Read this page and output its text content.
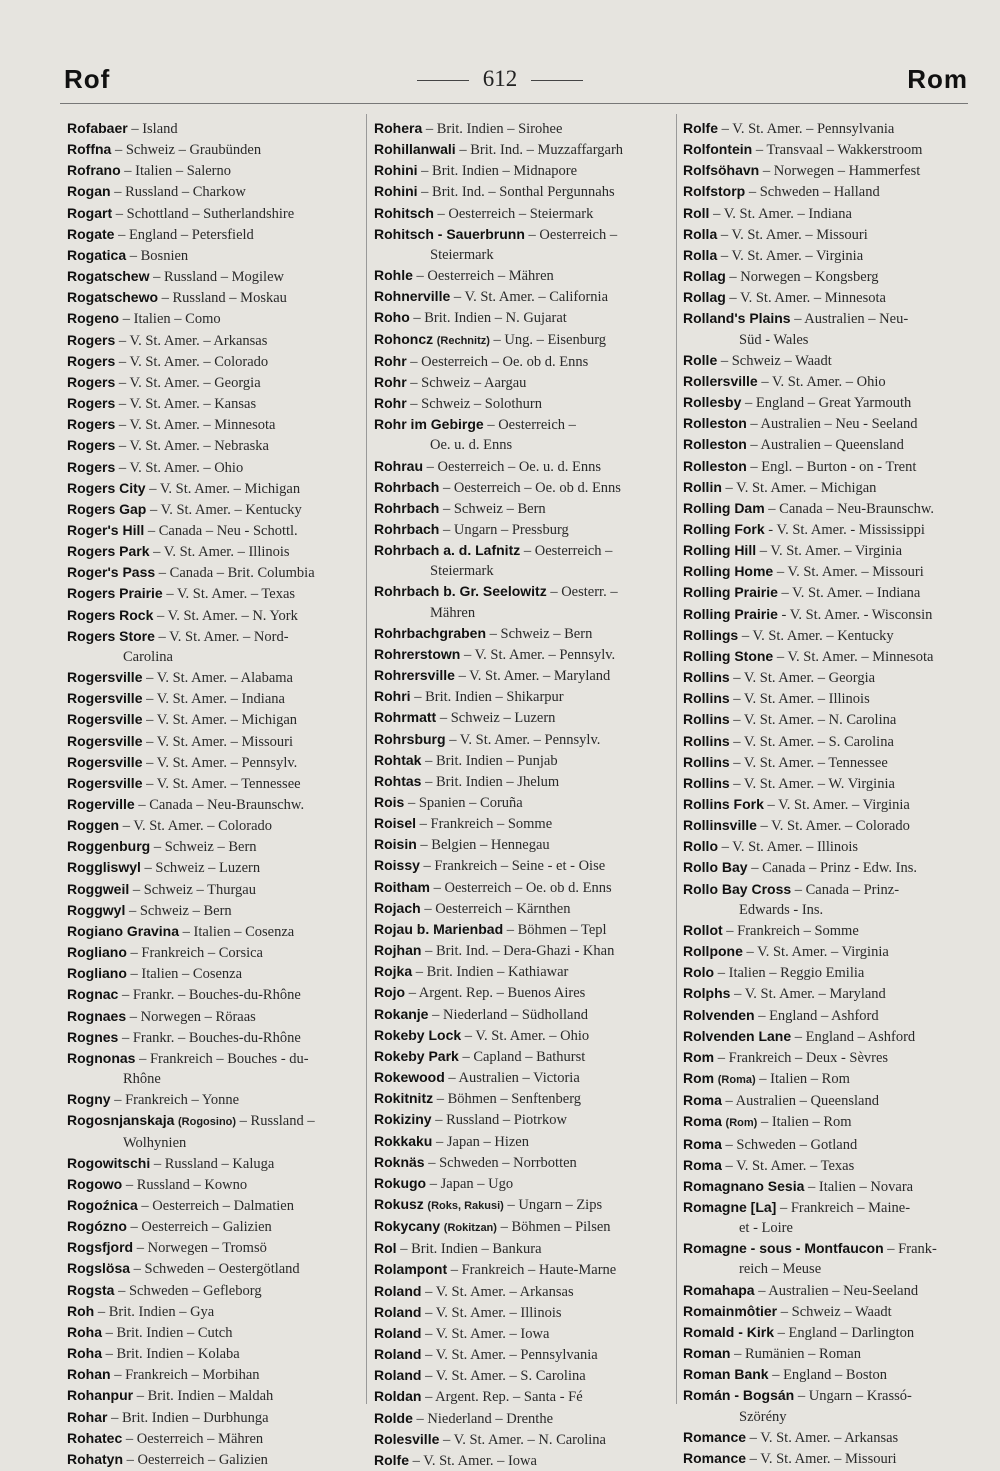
Rof	612	Rom
Rofabaer – Island
Roffna – Schweiz – Graubünden
Rofrano – Italien – Salerno
Rogan – Russland – Charkow
Rogart – Schottland – Sutherlandshire
Rogate – England – Petersfield
Rogatica – Bosnien
Rogatschew – Russland – Mogilew
Rogatschewo – Russland – Moskau
Rogeno – Italien – Como
Rogers – V. St. Amer. – Arkansas
Rogers – V. St. Amer. – Colorado
Rogers – V. St. Amer. – Georgia
Rogers – V. St. Amer. – Kansas
Rogers – V. St. Amer. – Minnesota
Rogers – V. St. Amer. – Nebraska
Rogers – V. St. Amer. – Ohio
Rogers City – V. St. Amer. – Michigan
Rogers Gap – V. St. Amer. – Kentucky
Roger's Hill – Canada – Neu - Schottl.
Rogers Park – V. St. Amer. – Illinois
Roger's Pass – Canada – Brit. Columbia
Rogers Prairie – V. St. Amer. – Texas
Rogers Rock – V. St. Amer. – N. York
Rogers Store – V. St. Amer. – Nord-
Carolina
Rogersville – V. St. Amer. – Alabama
Rogersville – V. St. Amer. – Indiana
Rogersville – V. St. Amer. – Michigan
Rogersville – V. St. Amer. – Missouri
Rogersville – V. St. Amer. – Pennsylv.
Rogersville – V. St. Amer. – Tennessee
Rogerville – Canada – Neu-Braunschw.
Roggen – V. St. Amer. – Colorado
Roggenburg – Schweiz – Bern
Roggliswyl – Schweiz – Luzern
Roggweil – Schweiz – Thurgau
Roggwyl – Schweiz – Bern
Rogiano Gravina – Italien – Cosenza
Rogliano – Frankreich – Corsica
Rogliano – Italien – Cosenza
Rognac – Frankr. – Bouches-du-Rhône
Rognaes – Norwegen – Röraas
Rognes – Frankr. – Bouches-du-Rhône
Rognonas – Frankreich – Bouches - du-
Rhône
Rogny – Frankreich – Yonne
Rogosnjanskaja (Rogosino) – Russland –
Wolhynien
Rogowitschi – Russland – Kaluga
Rogowo – Russland – Kowno
Rogoźnica – Oesterreich – Dalmatien
Rogózno – Oesterreich – Galizien
Rogsfjord – Norwegen – Tromsö
Rogslösa – Schweden – Oestergötland
Rogsta – Schweden – Gefleborg
Roh – Brit. Indien – Gya
Roha – Brit. Indien – Cutch
Roha – Brit. Indien – Kolaba
Rohan – Frankreich – Morbihan
Rohanpur – Brit. Indien – Maldah
Rohar – Brit. Indien – Durbhunga
Rohatec – Oesterreich – Mähren
Rohatyn – Oesterreich – Galizien
Rohera – Brit. Indien – Sirohee
Rohillanwali – Brit. Ind. – Muzzaffargarh
Rohini – Brit. Indien – Midnapore
Rohini – Brit. Ind. – Sonthal Pergunnahs
Rohitsch – Oesterreich – Steiermark
Rohitsch - Sauerbrunn – Oesterreich –
Steiermark
Rohle – Oesterreich – Mähren
Rohnerville – V. St. Amer. – California
Roho – Brit. Indien – N. Gujarat
Rohoncz (Rechnitz) – Ung. – Eisenburg
Rohr – Oesterreich – Oe. ob d. Enns
Rohr – Schweiz – Aargau
Rohr – Schweiz – Solothurn
Rohr im Gebirge – Oesterreich –
Oe. u. d. Enns
Rohrau – Oesterreich – Oe. u. d. Enns
Rohrbach – Oesterreich – Oe. ob d. Enns
Rohrbach – Schweiz – Bern
Rohrbach – Ungarn – Pressburg
Rohrbach a. d. Lafnitz – Oesterreich –
Steiermark
Rohrbach b. Gr. Seelowitz – Oesterr. –
Mähren
Rohrbachgraben – Schweiz – Bern
Rohrerstown – V. St. Amer. – Pennsylv.
Rohrersville – V. St. Amer. – Maryland
Rohri – Brit. Indien – Shikarpur
Rohrmatt – Schweiz – Luzern
Rohrsburg – V. St. Amer. – Pennsylv.
Rohtak – Brit. Indien – Punjab
Rohtas – Brit. Indien – Jhelum
Rois – Spanien – Coruña
Roisel – Frankreich – Somme
Roisin – Belgien – Hennegau
Roissy – Frankreich – Seine - et - Oise
Roitham – Oesterreich – Oe. ob d. Enns
Rojach – Oesterreich – Kärnthen
Rojau b. Marienbad – Böhmen – Tepl
Rojhan – Brit. Ind. – Dera-Ghazi - Khan
Rojka – Brit. Indien – Kathiawar
Rojo – Argent. Rep. – Buenos Aires
Rokanje – Niederland – Südholland
Rokeby Lock – V. St. Amer. – Ohio
Rokeby Park – Capland – Bathurst
Rokewood – Australien – Victoria
Rokitnitz – Böhmen – Senftenberg
Rokiziny – Russland – Piotrkow
Rokkaku – Japan – Hizen
Roknäs – Schweden – Norrbotten
Rokugo – Japan – Ugo
Rokusz (Roks, Rakusi) – Ungarn – Zips
Rokycany (Rokitzan) – Böhmen – Pilsen
Rol – Brit. Indien – Bankura
Rolampont – Frankreich – Haute-Marne
Roland – V. St. Amer. – Arkansas
Roland – V. St. Amer. – Illinois
Roland – V. St. Amer. – Iowa
Roland – V. St. Amer. – Pennsylvania
Roland – V. St. Amer. – S. Carolina
Roldan – Argent. Rep. – Santa - Fé
Rolde – Niederland – Drenthe
Rolesville – V. St. Amer. – N. Carolina
Rolfe – V. St. Amer. – Iowa
Rolfe – V. St. Amer. – Pennsylvania
Rolfontein – Transvaal – Wakkerstroom
Rolfsöhavn – Norwegen – Hammerfest
Rolfstorp – Schweden – Halland
Roll – V. St. Amer. – Indiana
Rolla – V. St. Amer. – Missouri
Rolla – V. St. Amer. – Virginia
Rollag – Norwegen – Kongsberg
Rollag – V. St. Amer. – Minnesota
Rolland's Plains – Australien – Neu-
Süd - Wales
Rolle – Schweiz – Waadt
Rollersville – V. St. Amer. – Ohio
Rollesby – England – Great Yarmouth
Rolleston – Australien – Neu - Seeland
Rolleston – Australien – Queensland
Rolleston – Engl. – Burton - on - Trent
Rollin – V. St. Amer. – Michigan
Rolling Dam – Canada – Neu-Braunschw.
Rolling Fork - V. St. Amer. - Mississippi
Rolling Hill – V. St. Amer. – Virginia
Rolling Home – V. St. Amer. – Missouri
Rolling Prairie – V. St. Amer. – Indiana
Rolling Prairie - V. St. Amer. - Wisconsin
Rollings – V. St. Amer. – Kentucky
Rolling Stone – V. St. Amer. – Minnesota
Rollins – V. St. Amer. – Georgia
Rollins – V. St. Amer. – Illinois
Rollins – V. St. Amer. – N. Carolina
Rollins – V. St. Amer. – S. Carolina
Rollins – V. St. Amer. – Tennessee
Rollins – V. St. Amer. – W. Virginia
Rollins Fork – V. St. Amer. – Virginia
Rollinsville – V. St. Amer. – Colorado
Rollo – V. St. Amer. – Illinois
Rollo Bay – Canada – Prinz - Edw. Ins.
Rollo Bay Cross – Canada – Prinz-
Edwards - Ins.
Rollot – Frankreich – Somme
Rollpone – V. St. Amer. – Virginia
Rolo – Italien – Reggio Emilia
Rolphs – V. St. Amer. – Maryland
Rolvenden – England – Ashford
Rolvenden Lane – England – Ashford
Rom – Frankreich – Deux - Sèvres
Rom (Roma) – Italien – Rom
Roma – Australien – Queensland
Roma (Rom) – Italien – Rom
Roma – Schweden – Gotland
Roma – V. St. Amer. – Texas
Romagnano Sesia – Italien – Novara
Romagne [La] – Frankreich – Maine-
et - Loire
Romagne - sous - Montfaucon – Frank-
reich – Meuse
Romahapa – Australien – Neu-Seeland
Romainmôtier – Schweiz – Waadt
Romald - Kirk – England – Darlington
Roman – Rumänien – Roman
Roman Bank – England – Boston
Román - Bogsán – Ungarn – Krassó-
Szörény
Romance – V. St. Amer. – Arkansas
Romance – V. St. Amer. – Missouri
